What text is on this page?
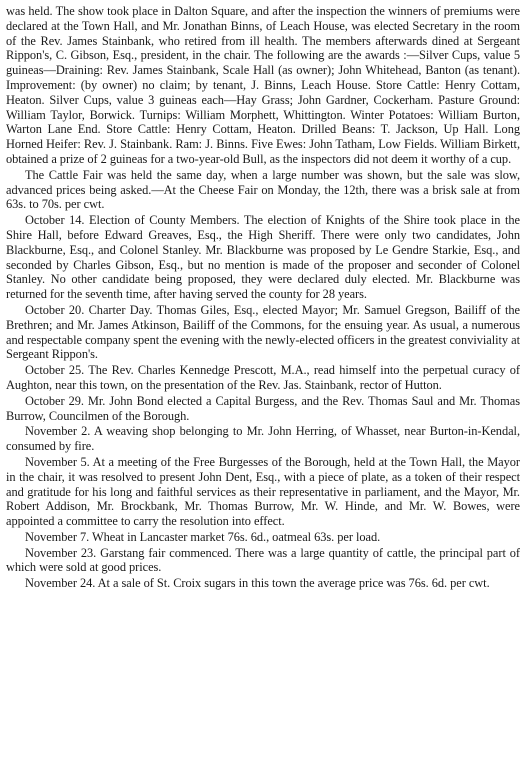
was held. The show took place in Dalton Square, and after the inspection the winners of premiums were declared at the Town Hall, and Mr. Jonathan Binns, of Leach House, was elected Secretary in the room of the Rev. James Stainbank, who retired from ill health. The members afterwards dined at Sergeant Rippon's, C. Gibson, Esq., president, in the chair. The following are the awards :—Silver Cups, value 5 guineas—Draining: Rev. James Stainbank, Scale Hall (as owner); John Whitehead, Banton (as tenant). Improvement: (by owner) no claim; by tenant, J. Binns, Leach House. Store Cattle: Henry Cottam, Heaton. Silver Cups, value 3 guineas each—Hay Grass; John Gardner, Cockerham. Pasture Ground: William Taylor, Borwick. Turnips: William Morphett, Whittington. Winter Potatoes: William Burton, Warton Lane End. Store Cattle: Henry Cottam, Heaton. Drilled Beans: T. Jackson, Up Hall. Long Horned Heifer: Rev. J. Stainbank. Ram: J. Binns. Five Ewes: John Tatham, Low Fields. William Birkett, obtained a prize of 2 guineas for a two-year-old Bull, as the inspectors did not deem it worthy of a cup.

The Cattle Fair was held the same day, when a large number was shown, but the sale was slow, advanced prices being asked.—At the Cheese Fair on Monday, the 12th, there was a brisk sale at from 63s. to 70s. per cwt.

October 14. Election of County Members. The election of Knights of the Shire took place in the Shire Hall, before Edward Greaves, Esq., the High Sheriff. There were only two candidates, John Blackburne, Esq., and Colonel Stanley. Mr. Blackburne was proposed by Le Gendre Starkie, Esq., and seconded by Charles Gibson, Esq., but no mention is made of the proposer and seconder of Colonel Stanley. No other candidate being proposed, they were declared duly elected. Mr. Blackburne was returned for the seventh time, after having served the county for 28 years.

October 20. Charter Day. Thomas Giles, Esq., elected Mayor; Mr. Samuel Gregson, Bailiff of the Brethren; and Mr. James Atkinson, Bailiff of the Commons, for the ensuing year. As usual, a numerous and respectable company spent the evening with the newly-elected officers in the greatest conviviality at Sergeant Rippon's.

October 25. The Rev. Charles Kennedge Prescott, M.A., read himself into the perpetual curacy of Aughton, near this town, on the presentation of the Rev. Jas. Stainbank, rector of Hutton.

October 29. Mr. John Bond elected a Capital Burgess, and the Rev. Thomas Saul and Mr. Thomas Burrow, Councilmen of the Borough.

November 2. A weaving shop belonging to Mr. John Herring, of Whasset, near Burton-in-Kendal, consumed by fire.

November 5. At a meeting of the Free Burgesses of the Borough, held at the Town Hall, the Mayor in the chair, it was resolved to present John Dent, Esq., with a piece of plate, as a token of their respect and gratitude for his long and faithful services as their representative in parliament, and the Mayor, Mr. Robert Addison, Mr. Brockbank, Mr. Thomas Burrow, Mr. W. Hinde, and Mr. W. Bowes, were appointed a committee to carry the resolution into effect.

November 7. Wheat in Lancaster market 76s. 6d., oatmeal 63s. per load.

November 23. Garstang fair commenced. There was a large quantity of cattle, the principal part of which were sold at good prices.

November 24. At a sale of St. Croix sugars in this town the average price was 76s. 6d. per cwt.
